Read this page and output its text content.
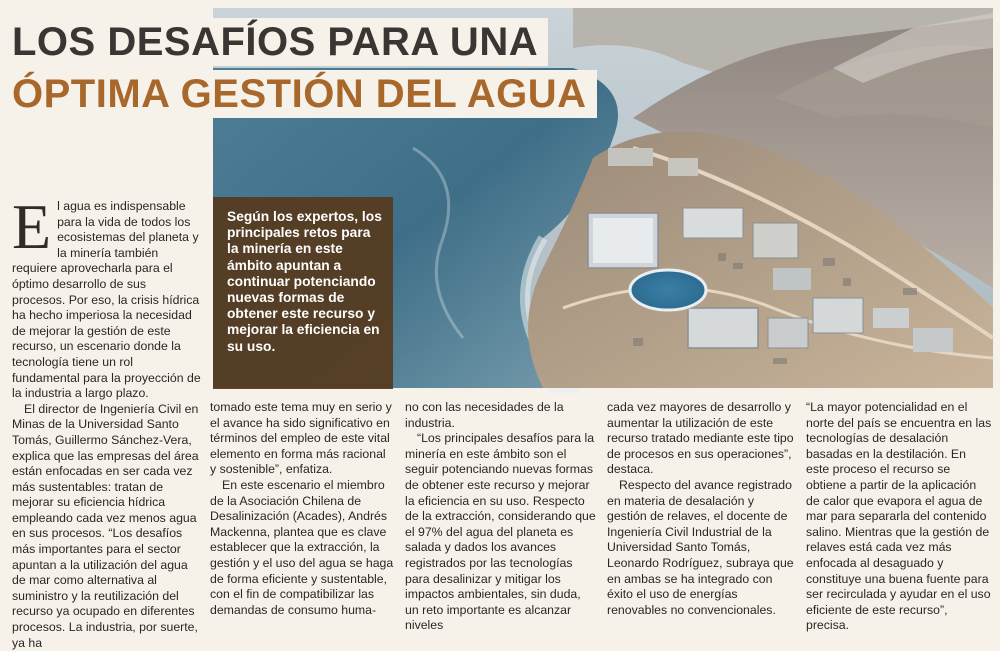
LOS DESAFÍOS PARA UNA
ÓPTIMA GESTIÓN DEL AGUA
Según los expertos, los principales retos para la minería en este ámbito apuntan a continuar potenciando nuevas formas de obtener este recurso y mejorar la eficiencia en su uso.

El agua es indispensable para la vida de todos los ecosistemas del planeta y la minería también requiere aprovecharla para el óptimo desarrollo de sus procesos. Por eso, la crisis hídrica ha hecho imperiosa la necesidad de mejorar la gestión de este recurso, un escenario donde la tecnología tiene un rol fundamental para la proyección de la industria a largo plazo.

El director de Ingeniería Civil en Minas de la Universidad Santo Tomás, Guillermo Sánchez-Vera, explica que las empresas del área están enfocadas en ser cada vez más sustentables: tratan de mejorar su eficiencia hídrica empleando cada vez menos agua en sus procesos. “Los desafíos más importantes para el sector apuntan a la utilización del agua de mar como alternativa al suministro y la reutilización del recurso ya ocupado en diferentes procesos. La industria, por suerte, ya ha

tomado este tema muy en serio y el avance ha sido significativo en términos del empleo de este vital elemento en forma más racional y sostenible”, enfatiza.

En este escenario el miembro de la Asociación Chilena de Desalinización (Acades), Andrés Mackenna, plantea que es clave establecer que la extracción, la gestión y el uso del agua se haga de forma eficiente y sustentable, con el fin de compatibilizar las demandas de consumo huma-

no con las necesidades de la industria.

“Los principales desafíos para la minería en este ámbito son el seguir potenciando nuevas formas de obtener este recurso y mejorar la eficiencia en su uso. Respecto de la extracción, considerando que el 97% del agua del planeta es salada y dados los avances registrados por las tecnologías para desalinizar y mitigar los impactos ambientales, sin duda, un reto importante es alcanzar niveles

cada vez mayores de desarrollo y aumentar la utilización de este recurso tratado mediante este tipo de procesos en sus operaciones”, destaca.

Respecto del avance registrado en materia de desalación y gestión de relaves, el docente de Ingeniería Civil Industrial de la Universidad Santo Tomás, Leonardo Rodríguez, subraya que en ambas se ha integrado con éxito el uso de energías renovables no convencionales.

“La mayor potencialidad en el norte del país se encuentra en las tecnologías de desalación basadas en la destilación. En este proceso el recurso se obtiene a partir de la aplicación de calor que evapora el agua de mar para separarla del contenido salino. Mientras que la gestión de relaves está cada vez más enfocada al desaguado y constituye una buena fuente para ser recirculada y ayudar en el uso eficiente de este recurso”, precisa.
